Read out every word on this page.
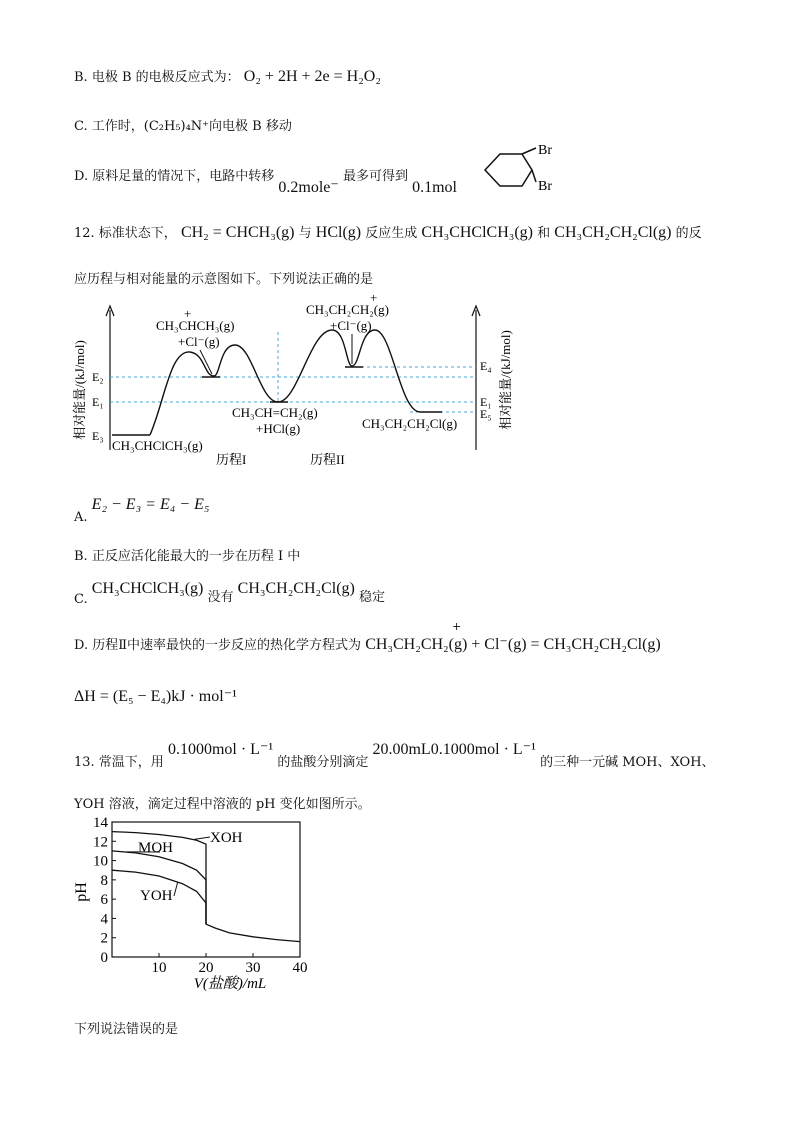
B. 电极 B 的电极反应式为： O₂ + 2H + 2e = H₂O₂
C. 工作时，(C₂H₅)₄N⁺向电极 B 移动
D. 原料足量的情况下，电路中转移 0.2mole⁻ 最多可得到 0.1mol
Br
Br
12. 标准状态下， CH₂ = CHCH₃(g) 与 HCl(g) 反应生成 CH₃CHClCH₃(g) 和 CH₃CH₂CH₂Cl(g) 的反
应历程与相对能量的示意图如下。下列说法正确的是
相对能量/(kJ/mol)	相对能量/(kJ/mol)
E₂
E₁
E₃
E₄
E₁
E₅
+
CH₃CHCH₃(g)
+Cl⁻(g)
+
CH₃CH₂CH₂(g)
+Cl⁻(g)
CH₃CH=CH₂(g)
+HCl(g)
CH₃CHClCH₃(g)
CH₃CH₂CH₂Cl(g)
历程I	历程II
A. E₂ − E₃ = E₄ − E₅
B. 正反应活化能最大的一步在历程 I 中
C. CH₃CHClCH₃(g) 没有 CH₃CH₂CH₂Cl(g) 稳定
D. 历程Ⅱ中速率最快的一步反应的热化学方程式为 CH₃CH₂CH₂(g) + Cl⁻(g) = CH₃CH₂CH₂Cl(g)
+
ΔH = (E₅ − E₄)kJ · mol⁻¹
13. 常温下，用 0.1000mol · L⁻¹ 的盐酸分别滴定 20.00mL0.1000mol · L⁻¹ 的三种一元碱 MOH、XOH、
YOH 溶液，滴定过程中溶液的 pH 变化如图所示。
0
2
4
6
8
10
12
14
10 20 30 40
V(盐酸)/mL
pH
XOH
MOH
YOH
下列说法错误的是
